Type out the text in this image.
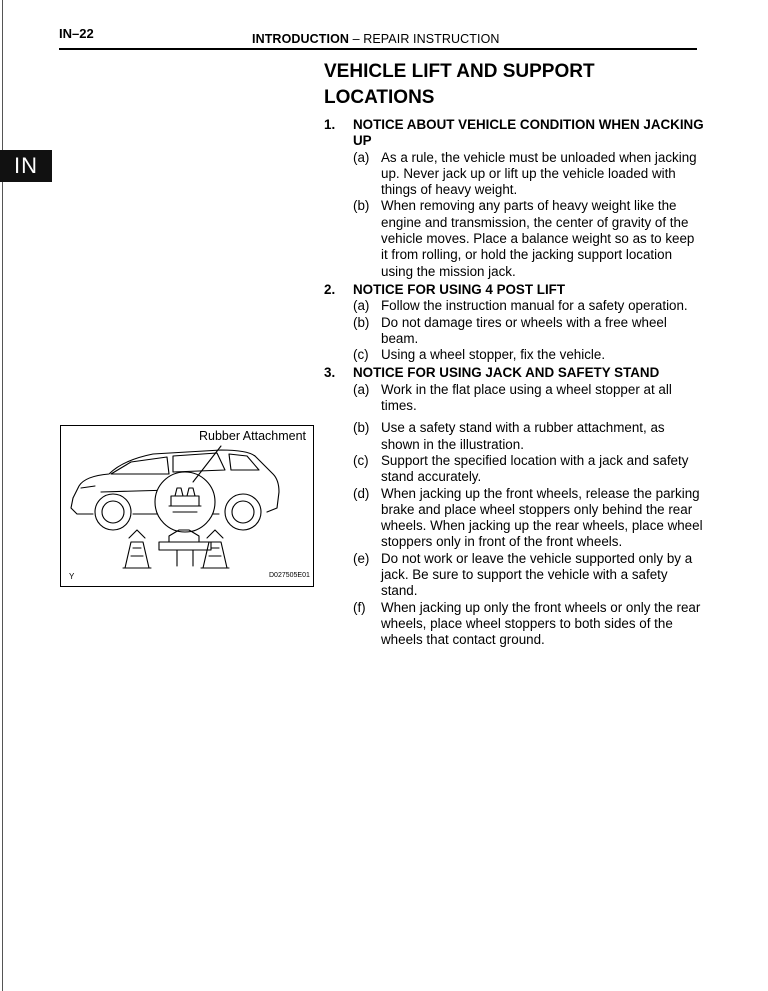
IN–22	INTRODUCTION – REPAIR INSTRUCTION
IN
VEHICLE LIFT AND SUPPORT LOCATIONS
1. NOTICE ABOUT VEHICLE CONDITION WHEN JACKING UP
(a) As a rule, the vehicle must be unloaded when jacking up. Never jack up or lift up the vehicle loaded with things of heavy weight.
(b) When removing any parts of heavy weight like the engine and transmission, the center of gravity of the vehicle moves. Place a balance weight so as to keep it from rolling, or hold the jacking support location using the mission jack.
2. NOTICE FOR USING 4 POST LIFT
(a) Follow the instruction manual for a safety operation.
(b) Do not damage tires or wheels with a free wheel beam.
(c) Using a wheel stopper, fix the vehicle.
3. NOTICE FOR USING JACK AND SAFETY STAND
(a) Work in the flat place using a wheel stopper at all times.
(b) Use a safety stand with a rubber attachment, as shown in the illustration.
(c) Support the specified location with a jack and safety stand accurately.
(d) When jacking up the front wheels, release the parking brake and place wheel stoppers only behind the rear wheels. When jacking up the rear wheels, place wheel stoppers only in front of the front wheels.
(e) Do not work or leave the vehicle supported only by a jack. Be sure to support the vehicle with a safety stand.
(f) When jacking up only the front wheels or only the rear wheels, place wheel stoppers to both sides of the wheels that contact ground.
Rubber Attachment
Y	D027505E01
